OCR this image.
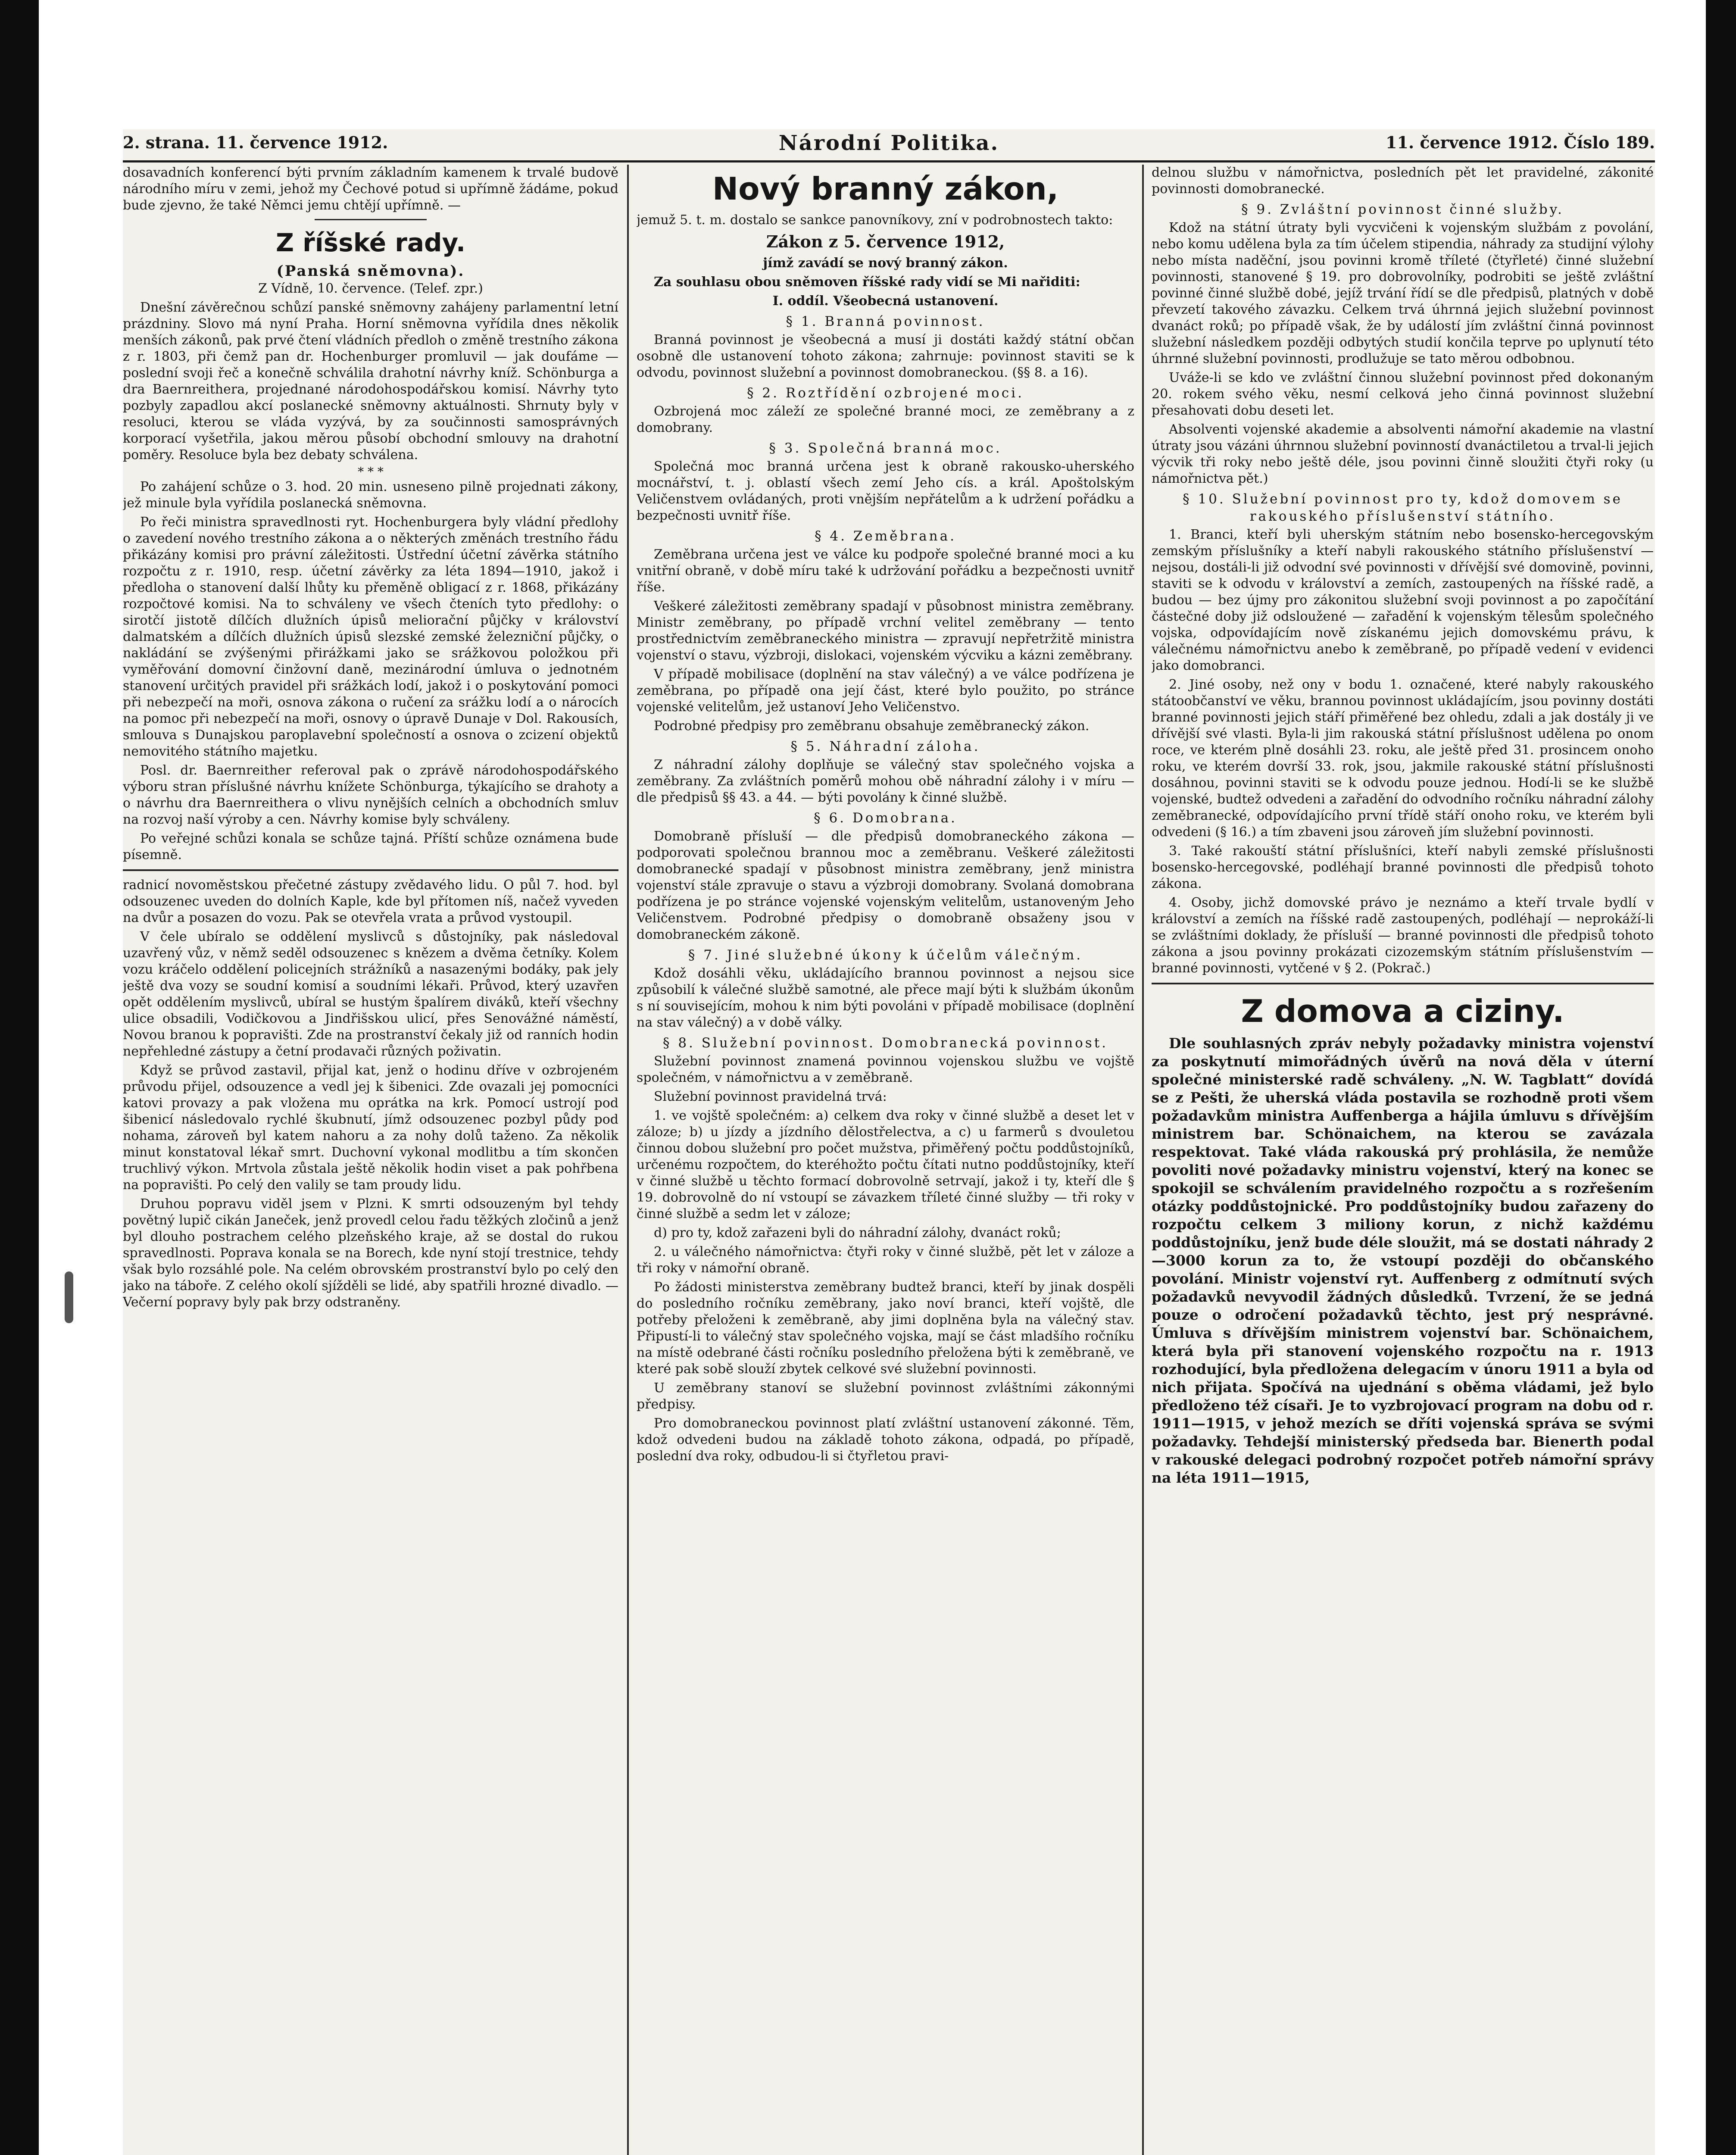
2. strana. 11. července 1912.	Národní Politika.	11. července 1912. Číslo 189.

dosavadních konferencí býti prvním základním kamenem k trvalé budově národního míru v zemi, jehož my Čechové potud si upřímně žádáme, pokud bude zjevno, že také Němci jemu chtějí upřímně. —

Z říšské rady.
(Panská sněmovna).

Z Vídně, 10. července. (Telef. zpr.)

Dnešní závěrečnou schůzí panské sněmovny zahájeny parlamentní letní prázdniny. Slovo má nyní Praha. Horní sněmovna vyřídila dnes několik menších zákonů, pak prvé čtení vládních předloh o změně trestního zákona z r. 1803, při čemž pan dr. Hochenburger promluvil — jak doufáme — poslední svoji řeč a konečně schválila drahotní návrhy kníž. Schönburga a dra Baernreithera, projednané národohospodářskou komisí. Návrhy tyto pozbyly zapadlou akcí poslanecké sněmovny aktuálnosti. Shrnuty byly v resoluci, kterou se vláda vyzývá, by za součinnosti samosprávných korporací vyšetřila, jakou měrou působí obchodní smlouvy na drahotní poměry. Resoluce byla bez debaty schválena.

* * *

Po zahájení schůze o 3. hod. 20 min. usneseno pilně projednati zákony, jež minule byla vyřídila poslanecká sněmovna.

Po řeči ministra spravedlnosti ryt. Hochenburgera byly vládní předlohy o zavedení nového trestního zákona a o některých změnách trestního řádu přikázány komisi pro právní záležitosti. Ústřední účetní závěrka státního rozpočtu z r. 1910, resp. účetní závěrky za léta 1894—1910, jakož i předloha o stanovení další lhůty ku přeměně obligací z r. 1868, přikázány rozpočtové komisi. Na to schváleny ve všech čteních tyto předlohy: o sirotčí jistotě dílčích dlužních úpisů meliorační půjčky v království dalmatském a dílčích dlužních úpisů slezské zemské železniční půjčky, o nakládání se zvýšenými přirážkami jako se srážkovou položkou při vyměřování domovní činžovní daně, mezinárodní úmluva o jednotném stanovení určitých pravidel při srážkách lodí, jakož i o poskytování pomoci při nebezpečí na moři, osnova zákona o ručení za srážku lodí a o nárocích na pomoc při nebezpečí na moři, osnovy o úpravě Dunaje v Dol. Rakousích, smlouva s Dunajskou paroplavební společností a osnova o zcizení objektů nemovitého státního majetku.

Posl. dr. Baernreither referoval pak o zprávě národohospodářského výboru stran příslušné návrhu knížete Schönburga, týkajícího se drahoty a o návrhu dra Baernreithera o vlivu nynějších celních a obchodních smluv na rozvoj naší výroby a cen. Návrhy komise byly schváleny.

Po veřejné schůzi konala se schůze tajná. Příští schůze oznámena bude písemně.

radnicí novoměstskou přečetné zástupy zvědavého lidu. O půl 7. hod. byl odsouzenec uveden do dolních Kaple, kde byl přítomen níš, načež vyveden na dvůr a posazen do vozu. Pak se otevřela vrata a průvod vystoupil.

V čele ubíralo se oddělení myslivců s důstojníky, pak následoval uzavřený vůz, v němž seděl odsouzenec s knězem a dvěma četníky. Kolem vozu kráčelo oddělení policejních strážníků a nasazenými bodáky, pak jely ještě dva vozy se soudní komisí a soudními lékaři. Průvod, který uzavřen opět oddělením myslivců, ubíral se hustým špalírem diváků, kteří všechny ulice obsadili, Vodičkovou a Jindřišskou ulicí, přes Senovážné náměstí, Novou branou k popravišti. Zde na prostranství čekaly již od ranních hodin nepřehledné zástupy a četní prodavači různých poživatin.

Když se průvod zastavil, přijal kat, jenž o hodinu dříve v ozbrojeném průvodu přijel, odsouzence a vedl jej k šibenici. Zde ovazali jej pomocníci katovi provazy a pak vložena mu oprátka na krk. Pomocí ustrojí pod šibenicí následovalo rychlé škubnutí, jímž odsouzenec pozbyl půdy pod nohama, zároveň byl katem nahoru a za nohy dolů taženo. Za několik minut konstatoval lékař smrt. Duchovní vykonal modlitbu a tím skončen truchlivý výkon. Mrtvola zůstala ještě několik hodin viset a pak pohřbena na popravišti. Po celý den valily se tam proudy lidu.

Druhou popravu viděl jsem v Plzni. K smrti odsouzeným byl tehdy povětný lupič cikán Janeček, jenž provedl celou řadu těžkých zločinů a jenž byl dlouho postrachem celého plzeňského kraje, až se dostal do rukou spravedlnosti. Poprava konala se na Borech, kde nyní stojí trestnice, tehdy však bylo rozsáhlé pole. Na celém obrovském prostranství bylo po celý den jako na táboře. Z celého okolí sjížděli se lidé, aby spatřili hrozné divadlo. — Večerní popravy byly pak brzy odstraněny.

Nový branný zákon,

jemuž 5. t. m. dostalo se sankce panovníkovy, zní v podrobnostech takto:

Zákon z 5. července 1912,

jímž zavádí se nový branný zákon.

Za souhlasu obou sněmoven říšské rady vidí se Mi nařiditi:

I. oddíl. Všeobecná ustanovení.

§ 1. Branná povinnost.

Branná povinnost je všeobecná a musí ji dostáti každý státní občan osobně dle ustanovení tohoto zákona; zahrnuje: povinnost staviti se k odvodu, povinnost služební a povinnost domobraneckou. (§§ 8. a 16).

§ 2. Roztřídění ozbrojené moci.

Ozbrojená moc záleží ze společné branné moci, ze zeměbrany a z domobrany.

§ 3. Společná branná moc.

Společná moc branná určena jest k obraně rakousko-uherského mocnářství, t. j. oblastí všech zemí Jeho cís. a král. Apoštolským Veličenstvem ovládaných, proti vnějším nepřátelům a k udržení pořádku a bezpečnosti uvnitř říše.

§ 4. Zeměbrana.

Zeměbrana určena jest ve válce ku podpoře společné branné moci a ku vnitřní obraně, v době míru také k udržování pořádku a bezpečnosti uvnitř říše.

Veškeré záležitosti zeměbrany spadají v působnost ministra zeměbrany. Ministr zeměbrany, po případě vrchní velitel zeměbrany — tento prostřednictvím zeměbraneckého ministra — zpravují nepřetržitě ministra vojenství o stavu, výzbroji, dislokaci, vojenském výcviku a kázni zeměbrany.

V případě mobilisace (doplnění na stav válečný) a ve válce podřízena je zeměbrana, po případě ona její část, které bylo použito, po stránce vojenské velitelům, jež ustanoví Jeho Veličenstvo.

Podrobné předpisy pro zeměbranu obsahuje zeměbranecký zákon.

§ 5. Náhradní záloha.

Z náhradní zálohy doplňuje se válečný stav společného vojska a zeměbrany. Za zvláštních poměrů mohou obě náhradní zálohy i v míru — dle předpisů §§ 43. a 44. — býti povolány k činné službě.

§ 6. Domobrana.

Domobraně přísluší — dle předpisů domobraneckého zákona — podporovati společnou brannou moc a zeměbranu. Veškeré záležitosti domobranecké spadají v působnost ministra zeměbrany, jenž ministra vojenství stále zpravuje o stavu a výzbroji domobrany. Svolaná domobrana podřízena je po stránce vojenské vojenským velitelům, ustanoveným Jeho Veličenstvem. Podrobné předpisy o domobraně obsaženy jsou v domobraneckém zákoně.

§ 7. Jiné služebné úkony k účelům válečným.

Kdož dosáhli věku, ukládajícího brannou povinnost a nejsou sice způsobilí k válečné službě samotné, ale přece mají býti k službám úkonům s ní souvisejícím, mohou k nim býti povoláni v případě mobilisace (doplnění na stav válečný) a v době války.

§ 8. Služební povinnost. Domobranecká povinnost.

Služební povinnost znamená povinnou vojenskou službu ve vojště společném, v námořnictvu a v zeměbraně.

Služební povinnost pravidelná trvá:

1. ve vojště společném: a) celkem dva roky v činné službě a deset let v záloze; b) u jízdy a jízdního dělostřelectva, a c) u farmerů s dvouletou činnou dobou služební pro počet mužstva, přiměřený počtu poddůstojníků, určenému rozpočtem, do kteréhožto počtu čítati nutno poddůstojníky, kteří v činné službě u těchto formací dobrovolně setrvají, jakož i ty, kteří dle § 19. dobrovolně do ní vstoupí se závazkem tříleté činné služby — tři roky v činné službě a sedm let v záloze;

d) pro ty, kdož zařazeni byli do náhradní zálohy, dvanáct roků;

2. u válečného námořnictva: čtyři roky v činné službě, pět let v záloze a tři roky v námořní obraně.

Po žádosti ministerstva zeměbrany budtež branci, kteří by jinak dospěli do posledního ročníku zeměbrany, jako noví branci, kteří vojště, dle potřeby přeloženi k zeměbraně, aby jimi doplněna byla na válečný stav. Připustí-li to válečný stav společného vojska, mají se část mladšího ročníku na místě odebrané části ročníku posledního přeložena býti k zeměbraně, ve které pak sobě slouží zbytek celkové své služební povinnosti.

U zeměbrany stanoví se služební povinnost zvláštními zákonnými předpisy.

Pro domobraneckou povinnost platí zvláštní ustanovení zákonné. Těm, kdož odvedeni budou na základě tohoto zákona, odpadá, po případě, poslední dva roky, odbudou-li si čtyřletou pravi-

delnou službu v námořnictva, posledních pět let pravidelné, zákonité povinnosti domobranecké.

§ 9. Zvláštní povinnost činné služby.

Kdož na státní útraty byli vycvičeni k vojenským službám z povolání, nebo komu udělena byla za tím účelem stipendia, náhrady za studijní výlohy nebo místa naděční, jsou povinni kromě tříleté (čtyřleté) činné služební povinnosti, stanovené § 19. pro dobrovolníky, podrobiti se ještě zvláštní povinné činné službě dobé, jejíž trvání řídí se dle předpisů, platných v době převzetí takového závazku. Celkem trvá úhrnná jejich služební povinnost dvanáct roků; po případě však, že by událostí jím zvláštní činná povinnost služební následkem později odbytých studií končila teprve po uplynutí této úhrnné služební povinnosti, prodlužuje se tato měrou odbobnou.

Uváže-li se kdo ve zvláštní činnou služební povinnost před dokonaným 20. rokem svého věku, nesmí celková jeho činná povinnost služební přesahovati dobu deseti let.

Absolventi vojenské akademie a absolventi námořní akademie na vlastní útraty jsou vázáni úhrnnou služební povinností dvanáctiletou a trval-li jejich výcvik tři roky nebo ještě déle, jsou povinni činně sloužiti čtyři roky (u námořnictva pět.)

§ 10. Služební povinnost pro ty, kdož domovem se rakouského příslušenství státního.

1. Branci, kteří byli uherským státním nebo bosensko-hercegovským zemským příslušníky a kteří nabyli rakouského státního příslušenství — nejsou, dostáli-li již odvodní své povinnosti v dřívější své domovině, povinni, staviti se k odvodu v království a zemích, zastoupených na říšské radě, a budou — bez újmy pro zákonitou služební svoji povinnost a po započítání částečné doby již odsloužené — zařadění k vojenským tělesům společného vojska, odpovídajícím nově získanému jejich domovskému právu, k válečnému námořnictvu anebo k zeměbraně, po případě vedení v evidenci jako domobranci.

2. Jiné osoby, než ony v bodu 1. označené, které nabyly rakouského státoobčanství ve věku, brannou povinnost ukládajícím, jsou povinny dostáti branné povinnosti jejich stáří přiměřené bez ohledu, zdali a jak dostály ji ve dřívější své vlasti. Byla-li jim rakouská státní příslušnost udělena po onom roce, ve kterém plně dosáhli 23. roku, ale ještě před 31. prosincem onoho roku, ve kterém dovrší 33. rok, jsou, jakmile rakouské státní příslušnosti dosáhnou, povinni staviti se k odvodu pouze jednou. Hodí-li se ke službě vojenské, budtež odvedeni a zařadění do odvodního ročníku náhradní zálohy zeměbranecké, odpovídajícího první třídě stáří onoho roku, ve kterém byli odvedeni (§ 16.) a tím zbaveni jsou zároveň jím služební povinnosti.

3. Také rakouští státní příslušníci, kteří nabyli zemské příslušnosti bosensko-hercegovské, podléhají branné povinnosti dle předpisů tohoto zákona.

4. Osoby, jichž domovské právo je neznámo a kteří trvale bydlí v království a zemích na říšské radě zastoupených, podléhají — neprokáží-li se zvláštními doklady, že přísluší — branné povinnosti dle předpisů tohoto zákona a jsou povinny prokázati cizozemským státním příslušenstvím — branné povinnosti, vytčené v § 2. (Pokrač.)

Z domova a ciziny.

Dle souhlasných zpráv nebyly požadavky ministra vojenství za poskytnutí mimořádných úvěrů na nová děla v úterní společné ministerské radě schváleny. „N. W. Tagblatt“ dovídá se z Pešti, že uherská vláda postavila se rozhodně proti všem požadavkům ministra Auffenberga a hájila úmluvu s dřívějším ministrem bar. Schönaichem, na kterou se zavázala respektovat. Také vláda rakouská prý prohlásila, že nemůže povoliti nové požadavky ministru vojenství, který na konec se spokojil se schválením pravidelného rozpočtu a s rozřešením otázky poddůstojnické. Pro poddůstojníky budou zařazeny do rozpočtu celkem 3 miliony korun, z nichž každému poddůstojníku, jenž bude déle sloužit, má se dostati náhrady 2—3000 korun za to, že vstoupí později do občanského povolání. Ministr vojenství ryt. Auffenberg z odmítnutí svých požadavků nevyvodil žádných důsledků. Tvrzení, že se jedná pouze o odročení požadavků těchto, jest prý nesprávné. Úmluva s dřívějším ministrem vojenství bar. Schönaichem, která byla při stanovení vojenského rozpočtu na r. 1913 rozhodující, byla předložena delegacím v únoru 1911 a byla od nich přijata. Spočívá na ujednání s oběma vládami, jež bylo předloženo též císaři. Je to vyzbrojovací program na dobu od r. 1911—1915, v jehož mezích se dříti vojenská správa se svými požadavky. Tehdejší ministerský předseda bar. Bienerth podal v rakouské delegaci podrobný rozpočet potřeb námořní správy na léta 1911—1915,
